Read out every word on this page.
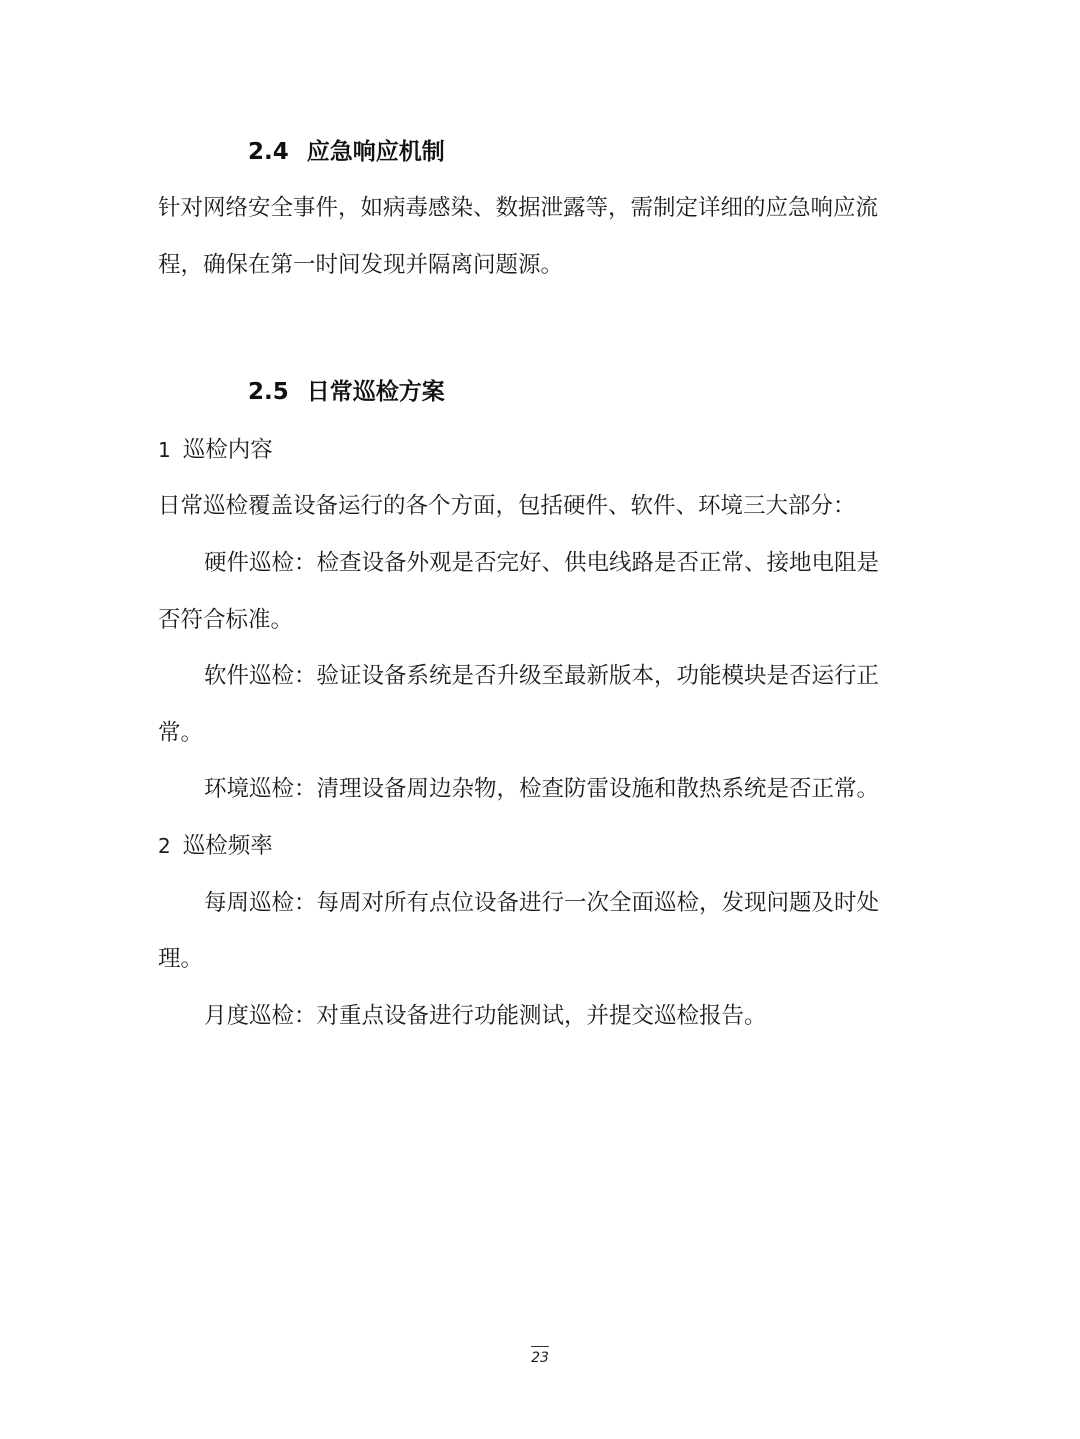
2.4 应急响应机制
针对网络安全事件，如病毒感染、数据泄露等，需制定详细的应急响应流
程，确保在第一时间发现并隔离问题源。
2.5 日常巡检方案
1 巡检内容
日常巡检覆盖设备运行的各个方面，包括硬件、软件、环境三大部分：
硬件巡检：检查设备外观是否完好、供电线路是否正常、接地电阻是
否符合标准。
软件巡检：验证设备系统是否升级至最新版本，功能模块是否运行正
常。
环境巡检：清理设备周边杂物，检查防雷设施和散热系统是否正常。
2 巡检频率
每周巡检：每周对所有点位设备进行一次全面巡检，发现问题及时处
理。
月度巡检：对重点设备进行功能测试，并提交巡检报告。
23
